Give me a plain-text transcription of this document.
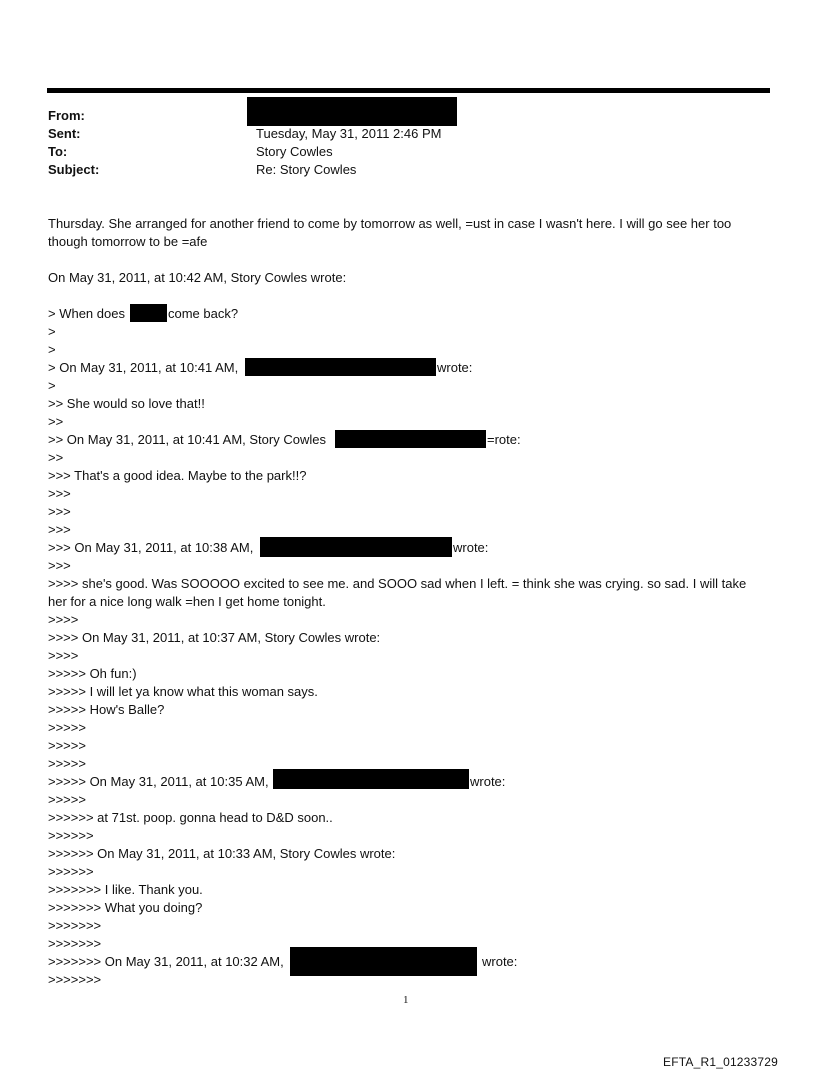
From:
Sent:	Tuesday, May 31, 2011 2:46 PM
To:	Story Cowles
Subject:	Re: Story Cowles
Thursday. She arranged for another friend to come by tomorrow as well, =ust in case I wasn't here. I will go see her too
though tomorrow to be =afe
On May 31, 2011, at 10:42 AM, Story Cowles wrote:
> When does	come back?
>
>
> On May 31, 2011, at 10:41 AM,	wrote:
>
>> She would so love that!!
>>
>> On May 31, 2011, at 10:41 AM, Story Cowles	=rote:
>>
>>> That's a good idea. Maybe to the park!!?
>>>
>>>
>>>
>>> On May 31, 2011, at 10:38 AM,	wrote:
>>>
>>>> she's good. Was SOOOOO excited to see me. and SOOO sad when I left. = think she was crying. so sad. I will take
her for a nice long walk =hen I get home tonight.
>>>>
>>>> On May 31, 2011, at 10:37 AM, Story Cowles wrote:
>>>>
>>>>> Oh fun:)
>>>>> I will let ya know what this woman says.
>>>>> How's Balle?
>>>>>
>>>>>
>>>>>
>>>>> On May 31, 2011, at 10:35 AM,	wrote:
>>>>>
>>>>>> at 71st. poop. gonna head to D&D soon..
>>>>>>
>>>>>> On May 31, 2011, at 10:33 AM, Story Cowles wrote:
>>>>>>
>>>>>>> I like. Thank you.
>>>>>>> What you doing?
>>>>>>>
>>>>>>>
>>>>>>> On May 31, 2011, at 10:32 AM,	wrote:
>>>>>>>
1
EFTA_R1_01233729
